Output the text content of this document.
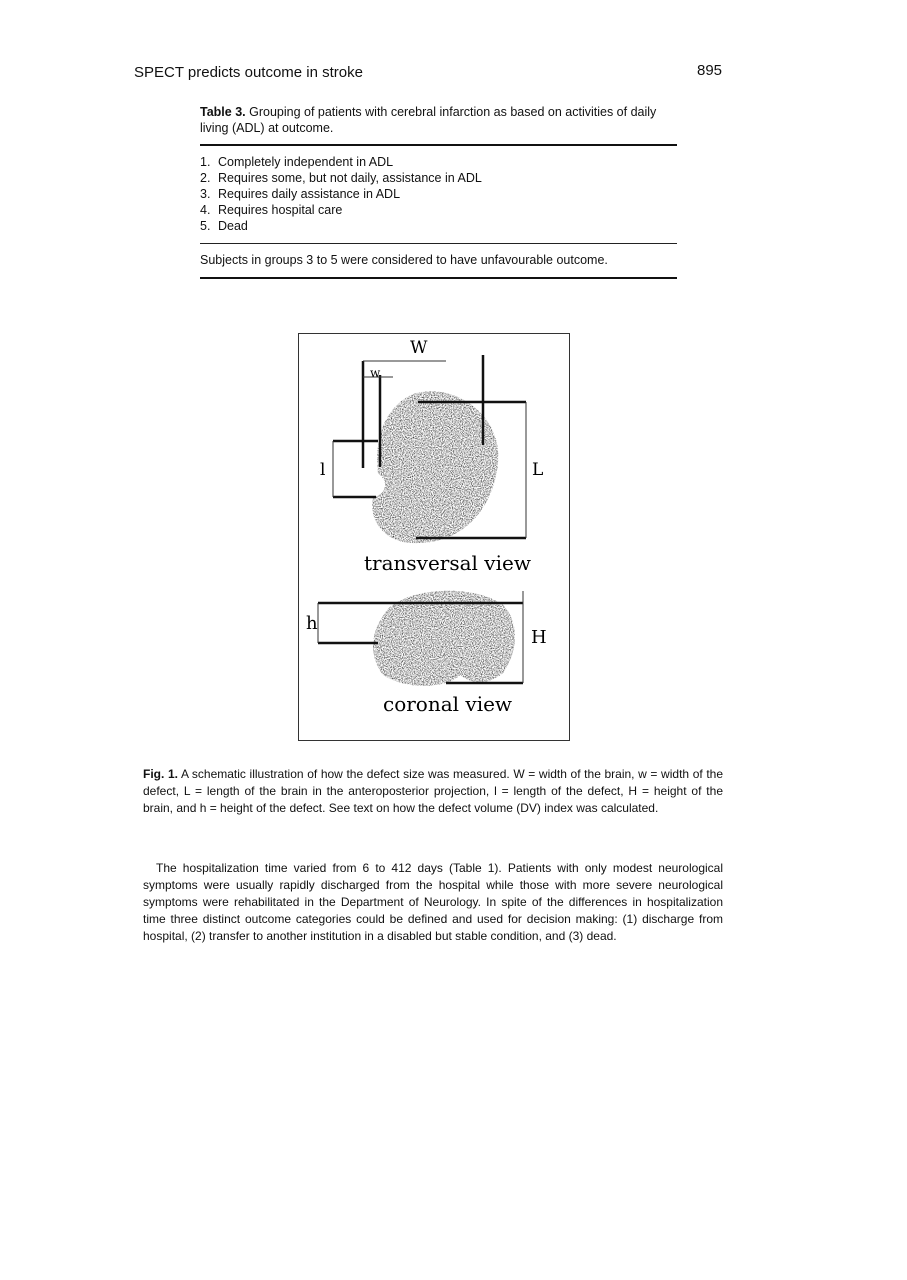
SPECT predicts outcome in stroke	895
Table 3. Grouping of patients with cerebral infarction as based on activities of daily living (ADL) at outcome.
1. Completely independent in ADL
2. Requires some, but not daily, assistance in ADL
3. Requires daily assistance in ADL
4. Requires hospital care
5. Dead
Subjects in groups 3 to 5 were considered to have unfavourable outcome.
W
w
l	L
transversal view
h
H
coronal view
Fig. 1. A schematic illustration of how the defect size was measured. W = width of the brain, w = width of the defect, L = length of the brain in the anteroposterior projection, l = length of the defect, H = height of the brain, and h = height of the defect. See text on how the defect volume (DV) index was calculated.

The hospitalization time varied from 6 to 412 days (Table 1). Patients with only modest neurological symptoms were usually rapidly discharged from the hospital while those with more severe neurological symptoms were rehabilitated in the Department of Neurology. In spite of the differences in hospitalization time three distinct outcome categories could be defined and used for decision making: (1) discharge from hospital, (2) transfer to another institution in a disabled but stable condition, and (3) dead.
